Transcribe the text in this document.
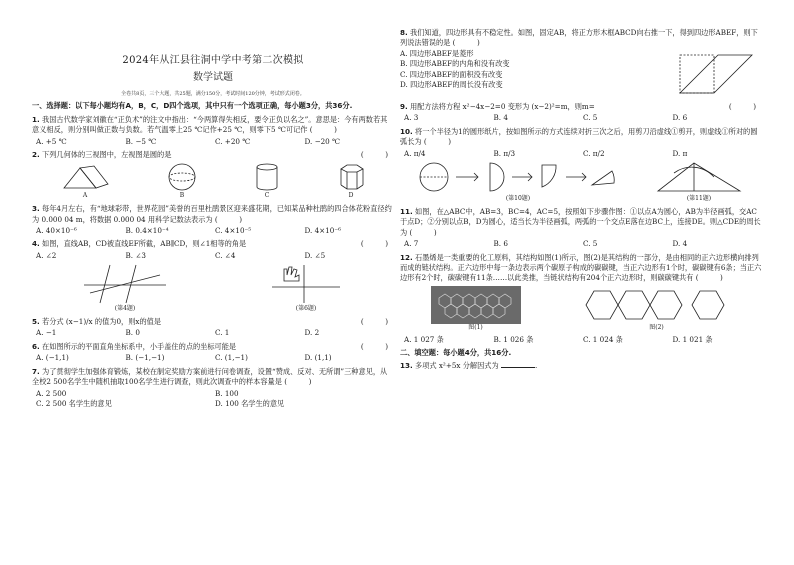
2024年从江县往洞中学中考第二次模拟
数学试题
全卷共8页，三个大题，共25题，满分150分，考试时间120分钟，考试形式闭卷。
一、选择题：以下每小题均有A，B，C，D四个选项，其中只有一个选项正确，每小题3分，共36分.
1. 我国古代数学家刘徽在“正负术”的注文中指出：“今两算得失相反，要令正负以名之”。意思是：今有两数若其意义相反，则分别叫做正数与负数。若气温零上25 ℃记作+25 ℃，则零下5 ℃可记作 (　　　)
A. +5 ℃	B. −5 ℃	C. +20 ℃	D. −20 ℃
2. 下列几何体的三视图中，左视图是圆的是	(　　　)
A	B	C	D
3. 每年4月左右，有“地球彩带，世界花园”美誉的百里杜鹃景区迎来盛花期，已知某品种杜鹃的四合体花粉直径约为 0.000 04 m，将数据 0.000 04 用科学记数法表示为 (　　　)
A. 40×10⁻⁶	B. 0.4×10⁻⁴	C. 4×10⁻⁵	D. 4×10⁻⁶
4. 如图，直线AB，CD被直线EF所截，AB∥CD，则∠1相等的角是	(　　　)
A. ∠2	B. ∠3	C. ∠4	D. ∠5
(第4题)	(第6题)
5. 若分式 (x−1)/x 的值为0，则x的值是	(　　　)
A. −1	B. 0	C. 1	D. 2
6. 在如图所示的平面直角坐标系中，小手盖住的点的坐标可能是	(　　　)
A. (−1,1)	B. (−1,−1)	C. (1,−1)	D. (1,1)
7. 为了贯彻学生加强体育锻炼，某校在制定奖励方案前进行问卷调查，设置“赞成、反对、无所谓”三种意见，从全校2 500名学生中随机抽取100名学生进行调查，则此次调查中的样本容量是 (　　　)
A. 2 500	B. 100
C. 2 500 名学生的意见	D. 100 名学生的意见
8. 我们知道，四边形具有不稳定性。如图，固定AB，将正方形木框ABCD向右推一下，得到四边形ABEF，则下列说法错误的是 (　　　)
A. 四边形ABEF是菱形
B. 四边形ABEF的内角和没有改变
C. 四边形ABEF的面积没有改变
D. 四边形ABEF的周长没有改变
9. 用配方法将方程 x²−4x−2=0 变形为 (x−2)²=m，则m=	(　　　)
A. 3	B. 4	C. 5	D. 6
10. 将一个半径为1的圆形纸片，按如图所示的方式连续对折三次之后，用剪刀沿虚线①剪开，则虚线①所对的圆弧长为 (　　　)
A. π/4	B. π/3	C. π/2	D. π
(第10题)	(第11题)
11. 如图，在△ABC中，AB=3，BC=4，AC=5，按照如下步骤作图：①以点A为圆心，AB为半径画弧，交AC于点D；②分别以点B，D为圆心，适当长为半径画弧，两弧的一个交点E落在边BC上，连接DE。则△CDE的周长为 (　　　)
A. 7	B. 6	C. 5	D. 4
12. 石墨烯是一类重要的化工原料，其结构如图(1)所示，图(2)是其结构的一部分，是由相同的正六边形横向排列而成的链状结构。正六边形中每一条边表示两个碳原子构成的碳碳键，当正六边形有1个时，碳碳键有6条；当正六边形有2个时，碳碳键有11条……以此类推，当链状结构有204个正六边形时，则碳碳键共有 (　　　)
图(1)	图(2)
A. 1 027 条	B. 1 026 条	C. 1 024 条	D. 1 021 条
二、填空题：每小题4分，共16分.
13. 多项式 x²+5x 分解因式为	.
